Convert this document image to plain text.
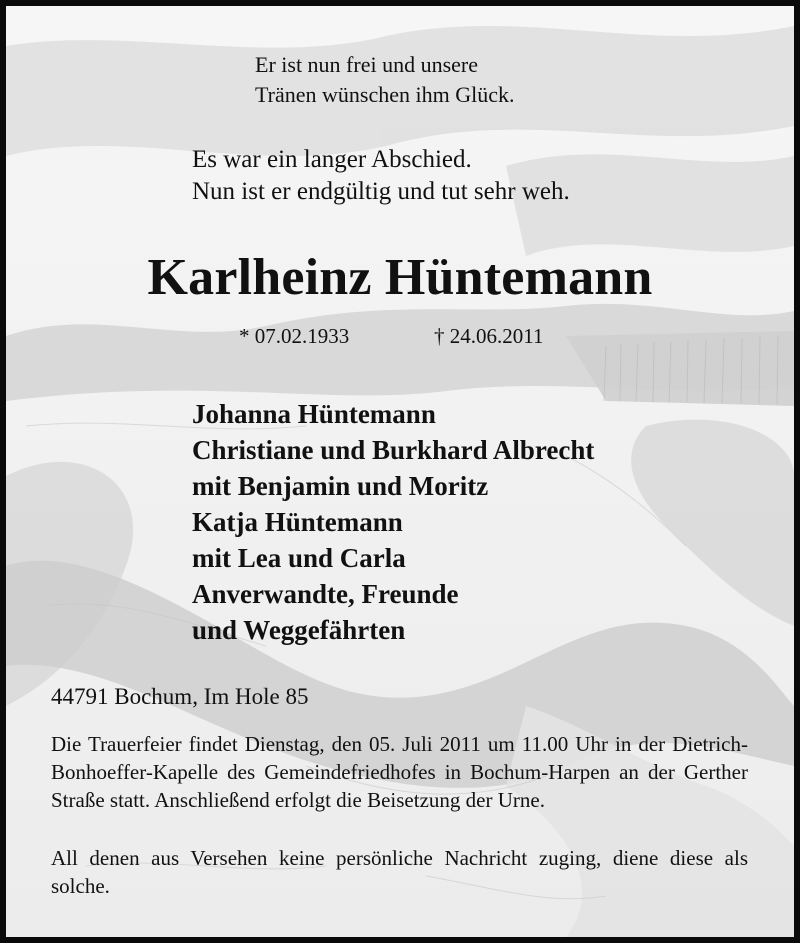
Er ist nun frei und unsere
Tränen wünschen ihm Glück.
Es war ein langer Abschied.
Nun ist er endgültig und tut sehr weh.
Karlheinz Hüntemann
* 07.02.1933	† 24.06.2011
Johanna Hüntemann
Christiane und Burkhard Albrecht
mit Benjamin und Moritz
Katja Hüntemann
mit Lea und Carla
Anverwandte, Freunde
und Weggefährten
44791 Bochum, Im Hole 85

Die Trauerfeier findet Dienstag, den 05. Juli 2011 um 11.00 Uhr in der Dietrich-Bonhoeffer-Kapelle des Gemeindefriedhofes in Bochum-Harpen an der Gerther Straße statt. Anschließend erfolgt die Beisetzung der Urne.

All denen aus Versehen keine persönliche Nachricht zuging, diene diese als solche.
